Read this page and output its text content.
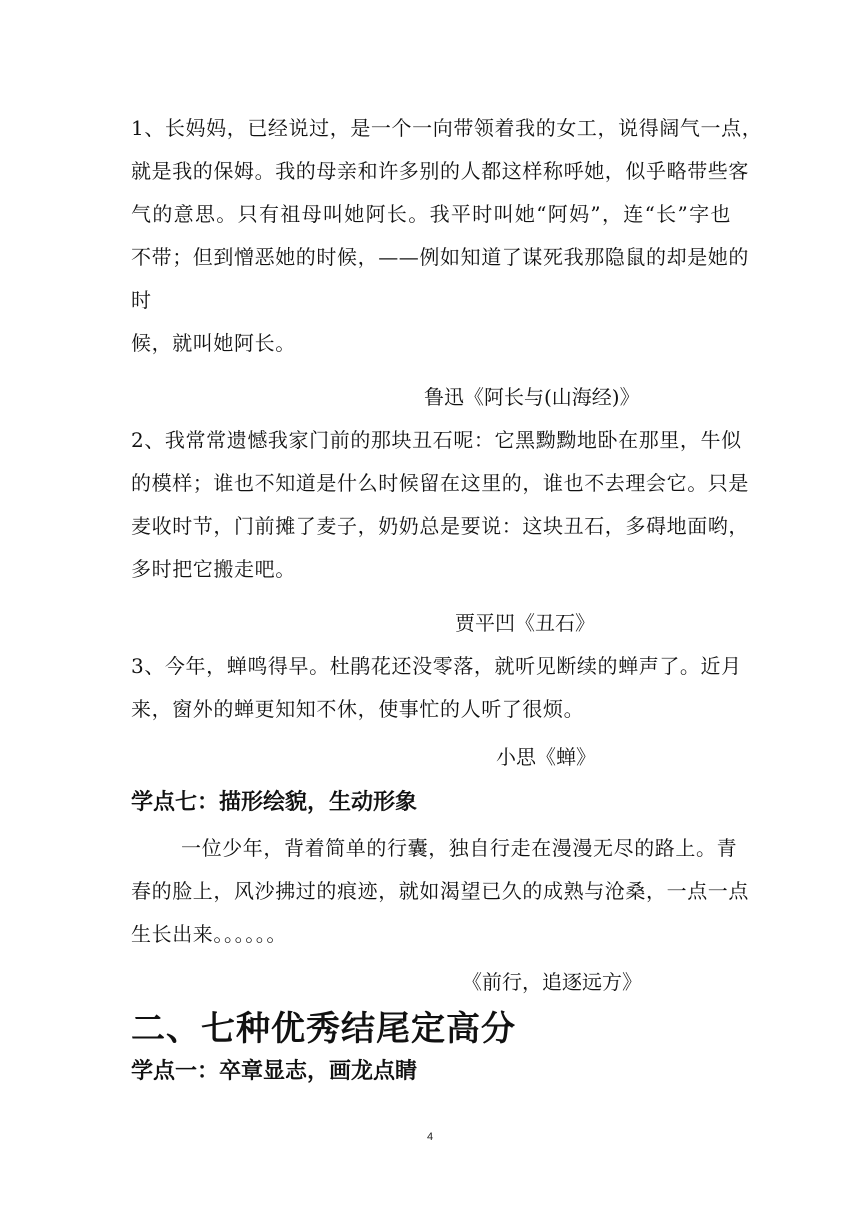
1、长妈妈，已经说过，是一个一向带领着我的女工，说得阔气一点，
就是我的保姆。我的母亲和许多别的人都这样称呼她，似乎略带些客
气的意思。只有祖母叫她阿长。我平时叫她“阿妈”，连“长”字也
不带；但到憎恶她的时候，——例如知道了谋死我那隐鼠的却是她的
时
候，就叫她阿长。
鲁迅《阿长与(山海经)》
2、我常常遗憾我家门前的那块丑石呢：它黑黝黝地卧在那里，牛似
的模样；谁也不知道是什么时候留在这里的，谁也不去理会它。只是
麦收时节，门前摊了麦子，奶奶总是要说：这块丑石，多碍地面哟，
多时把它搬走吧。
贾平凹《丑石》
3、今年，蝉鸣得早。杜鹃花还没零落，就听见断续的蝉声了。近月
来，窗外的蝉更知知不休，使事忙的人听了很烦。
小思《蝉》
学点七：描形绘貌，生动形象
一位少年，背着简单的行囊，独自行走在漫漫无尽的路上。青
春的脸上，风沙拂过的痕迹，就如渴望已久的成熟与沧桑，一点一点
生长出来。。。。。。
《前行，追逐远方》
二、七种优秀结尾定高分
学点一：卒章显志，画龙点睛
4
